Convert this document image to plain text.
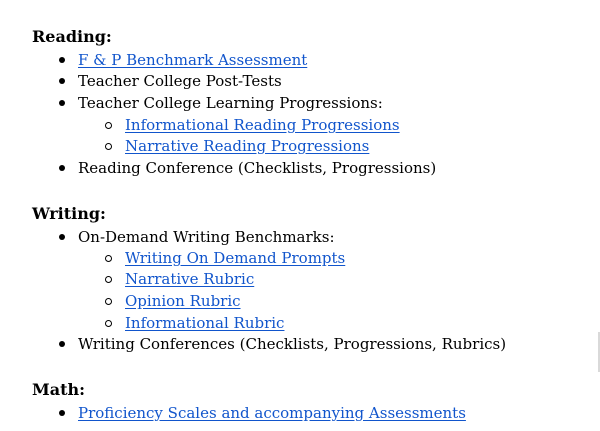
Reading:
F & P Benchmark Assessment
Teacher College Post-Tests
Teacher College Learning Progressions:
Informational Reading Progressions
Narrative Reading Progressions
Reading Conference (Checklists, Progressions)
Writing:
On-Demand Writing Benchmarks:
Writing On Demand Prompts
Narrative Rubric
Opinion Rubric
Informational Rubric
Writing Conferences (Checklists, Progressions, Rubrics)
Math:
Proficiency Scales and accompanying Assessments
